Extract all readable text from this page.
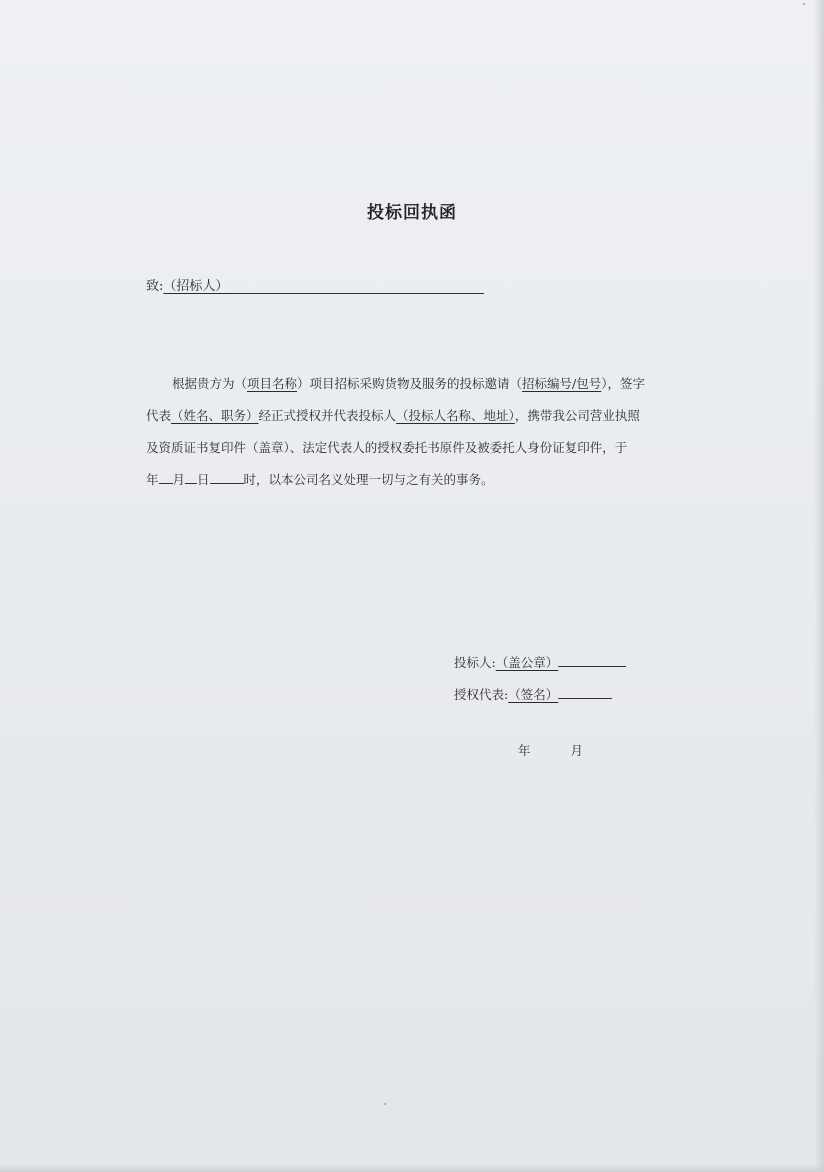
投标回执函
致:（招标人）
根据贵方为（项目名称）项目招标采购货物及服务的投标邀请（招标编号/包号），签字
代表（姓名、职务）经正式授权并代表投标人（投标人名称、地址），携带我公司营业执照
及资质证书复印件（盖章）、法定代表人的授权委托书原件及被委托人身份证复印件，于
年 月 日	时，以本公司名义处理一切与之有关的事务。
投标人:（盖公章）
授权代表:（签名）
年	月
